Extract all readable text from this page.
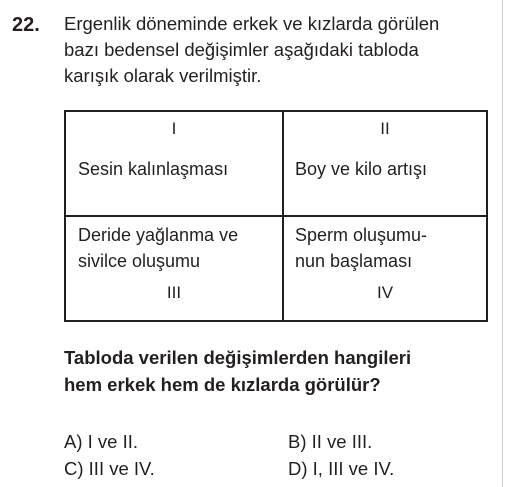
22. Ergenlik döneminde erkek ve kızlarda görülen
bazı bedensel değişimler aşağıdaki tabloda
karışık olarak verilmiştir.
I
Sesin kalınlaşması
II
Boy ve kilo artışı
Deride yağlanma ve
sivilce oluşumu
III
Sperm oluşumu-
nun başlaması
IV
Tabloda verilen değişimlerden hangileri
hem erkek hem de kızlarda görülür?
A) I ve II.	B) II ve III.
C) III ve IV.	D) I, III ve IV.
